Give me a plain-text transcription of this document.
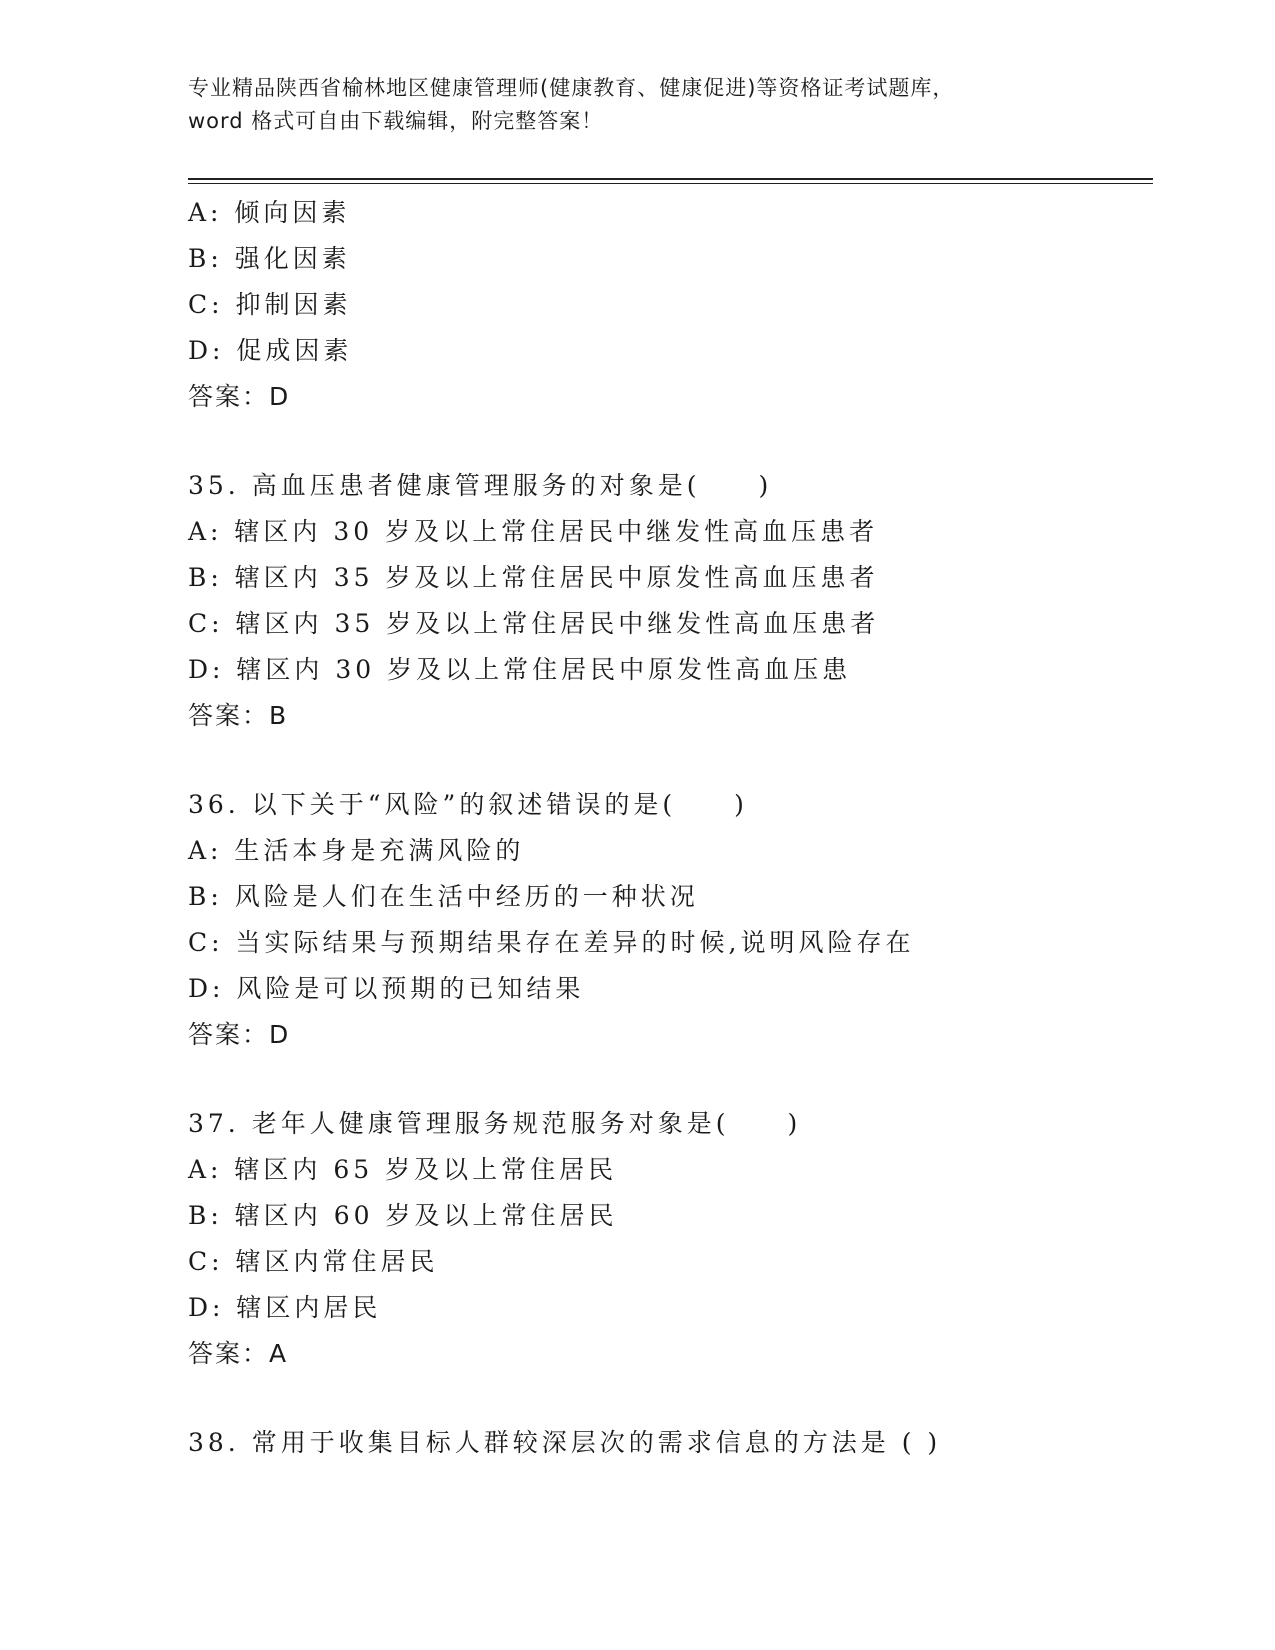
专业精品陕西省榆林地区健康管理师(健康教育、健康促进)等资格证考试题库，
word 格式可自由下载编辑，附完整答案！
A: 倾向因素
B: 强化因素
C: 抑制因素
D: 促成因素
答案：D
35. 高血压患者健康管理服务的对象是(　　)
A: 辖区内 30 岁及以上常住居民中继发性高血压患者
B: 辖区内 35 岁及以上常住居民中原发性高血压患者
C: 辖区内 35 岁及以上常住居民中继发性高血压患者
D: 辖区内 30 岁及以上常住居民中原发性高血压患
答案：B
36. 以下关于“风险”的叙述错误的是(　　)
A: 生活本身是充满风险的
B: 风险是人们在生活中经历的一种状况
C: 当实际结果与预期结果存在差异的时候,说明风险存在
D: 风险是可以预期的已知结果
答案：D
37. 老年人健康管理服务规范服务对象是(　　)
A: 辖区内 65 岁及以上常住居民
B: 辖区内 60 岁及以上常住居民
C: 辖区内常住居民
D: 辖区内居民
答案：A
38. 常用于收集目标人群较深层次的需求信息的方法是 ( )
